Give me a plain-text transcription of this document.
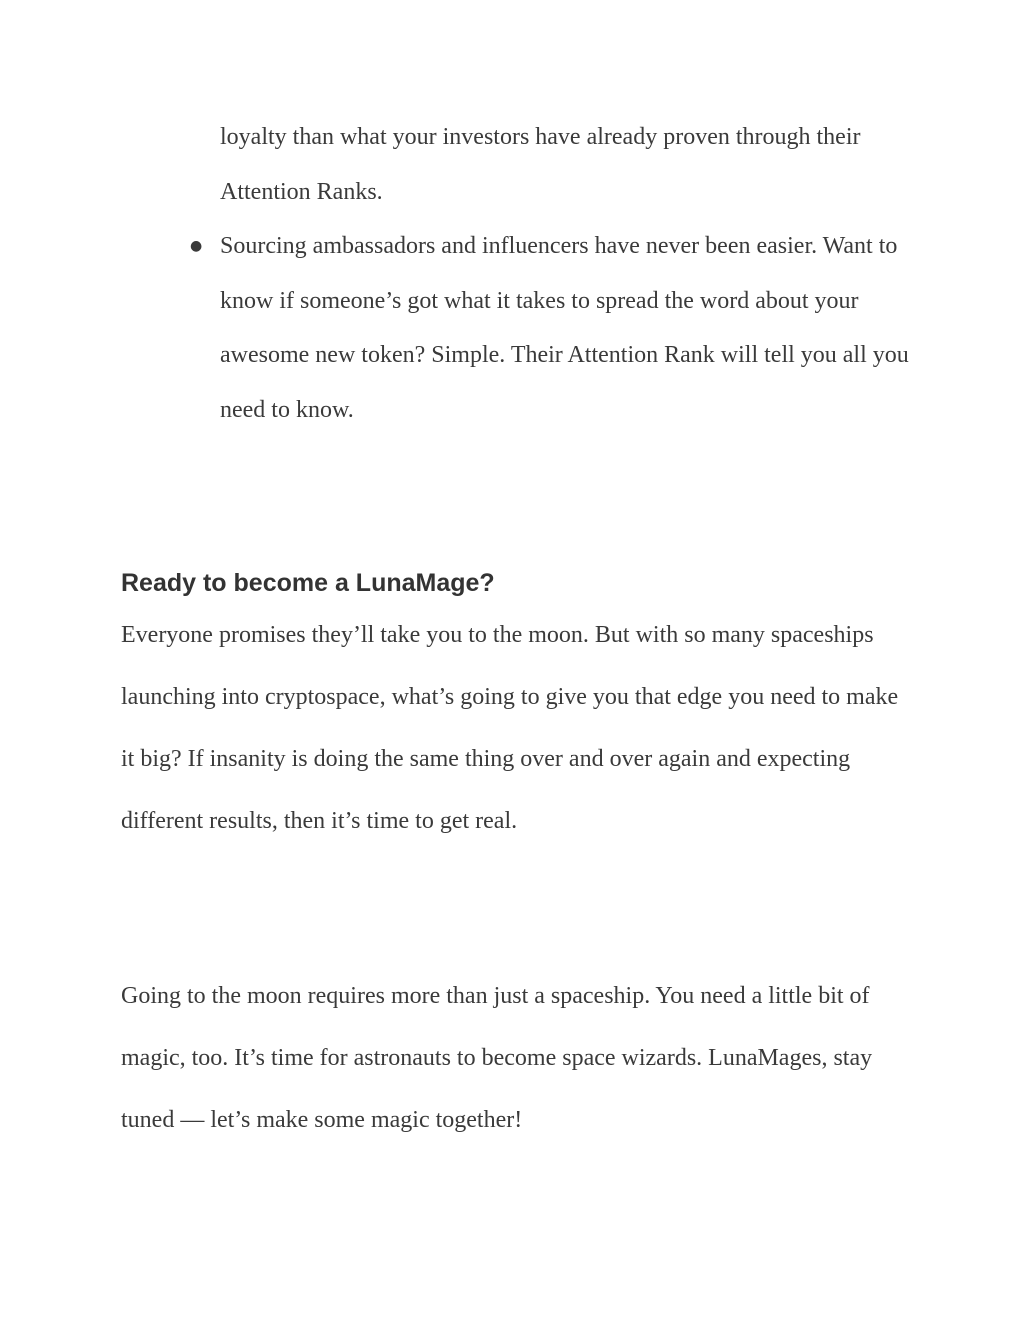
loyalty than what your investors have already proven through their Attention Ranks.
● Sourcing ambassadors and influencers have never been easier. Want to know if someone’s got what it takes to spread the word about your awesome new token? Simple. Their Attention Rank will tell you all you need to know.
Ready to become a LunaMage?

Everyone promises they’ll take you to the moon. But with so many spaceships launching into cryptospace, what’s going to give you that edge you need to make it big? If insanity is doing the same thing over and over again and expecting different results, then it’s time to get real.

Going to the moon requires more than just a spaceship. You need a little bit of magic, too. It’s time for astronauts to become space wizards. LunaMages, stay tuned — let’s make some magic together!
